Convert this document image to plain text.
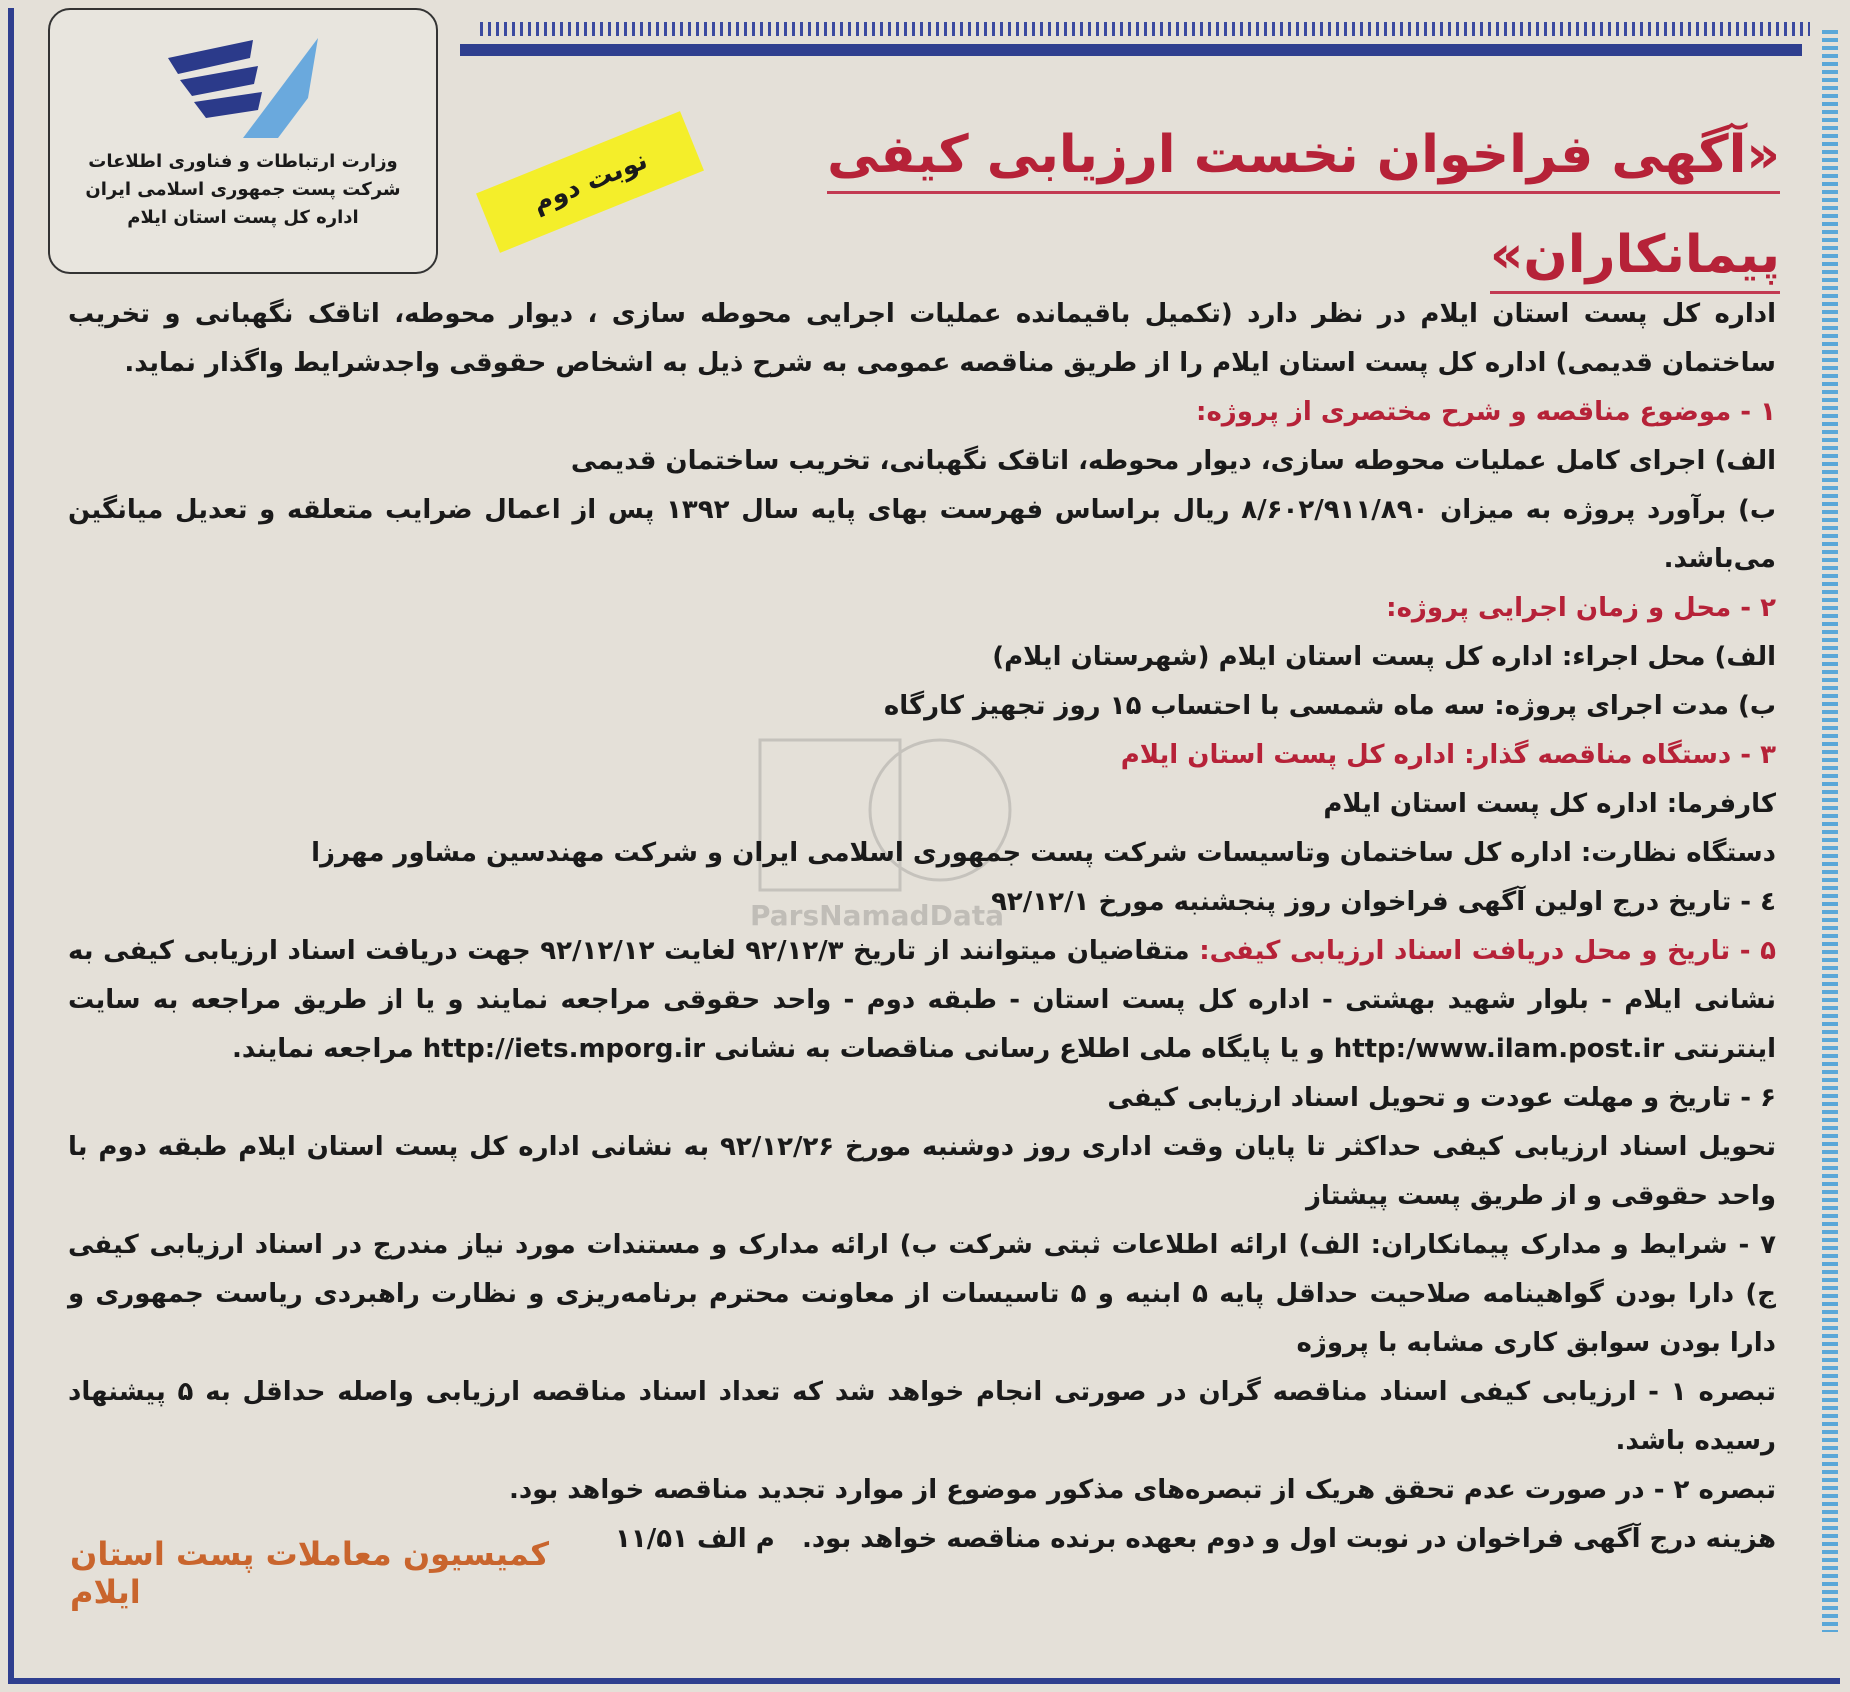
وزارت ارتباطات و فناوری اطلاعات
شرکت پست جمهوری اسلامی ایران
اداره کل پست استان ایلام	نوبت دوم	«آگهی فراخوان نخست ارزیابی کیفی پیمانکاران»
ParsNamadData

اداره کل پست استان ایلام در نظر دارد (تکمیل باقیمانده عملیات اجرایی محوطه سازی ، دیوار محوطه، اتاقک نگهبانی و تخریب ساختمان قدیمی) اداره کل پست استان ایلام را از طریق مناقصه عمومی به شرح ذیل به اشخاص حقوقی واجدشرایط واگذار نماید.

۱ - موضوع مناقصه و شرح مختصری از پروژه:

الف) اجرای کامل عملیات محوطه سازی، دیوار محوطه، اتاقک نگهبانی، تخریب ساختمان قدیمی

ب) برآورد پروژه به میزان ۸/۶۰۲/۹۱۱/۸۹۰ ریال براساس فهرست بهای پایه سال ۱۳۹۲ پس از اعمال ضرایب متعلقه و تعدیل میانگین می‌باشد.

۲ - محل و زمان اجرایی پروژه:

الف) محل اجراء: اداره کل پست استان ایلام (شهرستان ایلام)

ب) مدت اجرای پروژه: سه ماه شمسی با احتساب ۱۵ روز تجهیز کارگاه

۳ - دستگاه مناقصه گذار: اداره کل پست استان ایلام

کارفرما: اداره کل پست استان ایلام

دستگاه نظارت: اداره کل ساختمان وتاسیسات شرکت پست جمهوری اسلامی ایران و شرکت مهندسین مشاور مهرزا

٤ - تاریخ درج اولین آگهی فراخوان روز پنجشنبه مورخ ۹۲/۱۲/۱

۵ - تاریخ و محل دریافت اسناد ارزیابی کیفی: متقاضیان میتوانند از تاریخ ۹۲/۱۲/۳ لغایت ۹۲/۱۲/۱۲ جهت دریافت اسناد ارزیابی کیفی به نشانی ایلام - بلوار شهید بهشتی - اداره کل پست استان - طبقه دوم - واحد حقوقی مراجعه نمایند و یا از طریق مراجعه به سایت اینترنتی http:/www.ilam.post.ir و یا پایگاه ملی اطلاع رسانی مناقصات به نشانی http://iets.mporg.ir مراجعه نمایند.

۶ - تاریخ و مهلت عودت و تحویل اسناد ارزیابی کیفی

تحویل اسناد ارزیابی کیفی حداکثر تا پایان وقت اداری روز دوشنبه مورخ ۹۲/۱۲/۲۶ به نشانی اداره کل پست استان ایلام طبقه دوم با واحد حقوقی و از طریق پست پیشتاز

۷ - شرایط و مدارک پیمانکاران: الف) ارائه اطلاعات ثبتی شرکت ب) ارائه مدارک و مستندات مورد نیاز مندرج در اسناد ارزیابی کیفی ج) دارا بودن گواهینامه صلاحیت حداقل پایه ۵ ابنیه و ۵ تاسیسات از معاونت محترم برنامه‌ریزی و نظارت راهبردی ریاست جمهوری و دارا بودن سوابق کاری مشابه با پروژه

تبصره ۱ - ارزیابی کیفی اسناد مناقصه گران در صورتی انجام خواهد شد که تعداد اسناد مناقصه ارزیابی واصله حداقل به ۵ پیشنهاد رسیده باشد.

تبصره ۲ - در صورت عدم تحقق هریک از تبصره‌های مذکور موضوع از موارد تجدید مناقصه خواهد بود.

هزینه درج آگهی فراخوان در نوبت اول و دوم بعهده برنده مناقصه خواهد بود.   م الف ۱۱/۵۱

کمیسیون معاملات پست استان ایلام
